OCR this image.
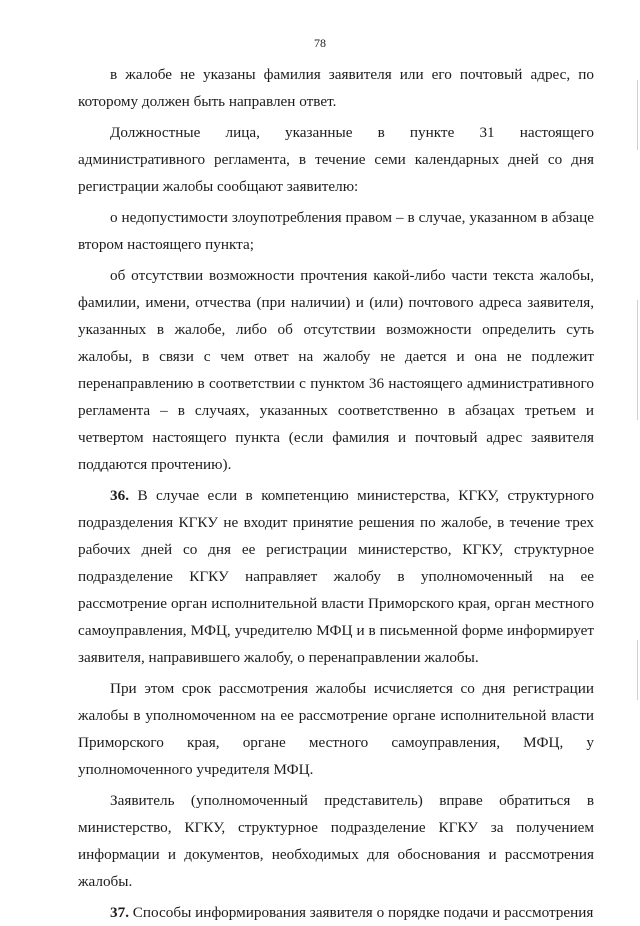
78

в жалобе не указаны фамилия заявителя или его почтовый адрес, по которому должен быть направлен ответ.

Должностные лица, указанные в пункте 31 настоящего административного регламента, в течение семи календарных дней со дня регистрации жалобы сообщают заявителю:

о недопустимости злоупотребления правом – в случае, указанном в абзаце втором настоящего пункта;

об отсутствии возможности прочтения какой-либо части текста жалобы, фамилии, имени, отчества (при наличии) и (или) почтового адреса заявителя, указанных в жалобе, либо об отсутствии возможности определить суть жалобы, в связи с чем ответ на жалобу не дается и она не подлежит перенаправлению в соответствии с пунктом 36 настоящего административного регламента – в случаях, указанных соответственно в абзацах третьем и четвертом настоящего пункта (если фамилия и почтовый адрес заявителя поддаются прочтению).

36. В случае если в компетенцию министерства, КГКУ, структурного подразделения КГКУ не входит принятие решения по жалобе, в течение трех рабочих дней со дня ее регистрации министерство, КГКУ, структурное подразделение КГКУ направляет жалобу в уполномоченный на ее рассмотрение орган исполнительной власти Приморского края, орган местного самоуправления, МФЦ, учредителю МФЦ и в письменной форме информирует заявителя, направившего жалобу, о перенаправлении жалобы.

При этом срок рассмотрения жалобы исчисляется со дня регистрации жалобы в уполномоченном на ее рассмотрение органе исполнительной власти Приморского края, органе местного самоуправления, МФЦ, у уполномоченного учредителя МФЦ.

Заявитель (уполномоченный представитель) вправе обратиться в министерство, КГКУ, структурное подразделение КГКУ за получением информации и документов, необходимых для обоснования и рассмотрения жалобы.

37. Способы информирования заявителя о порядке подачи и рассмотрения
